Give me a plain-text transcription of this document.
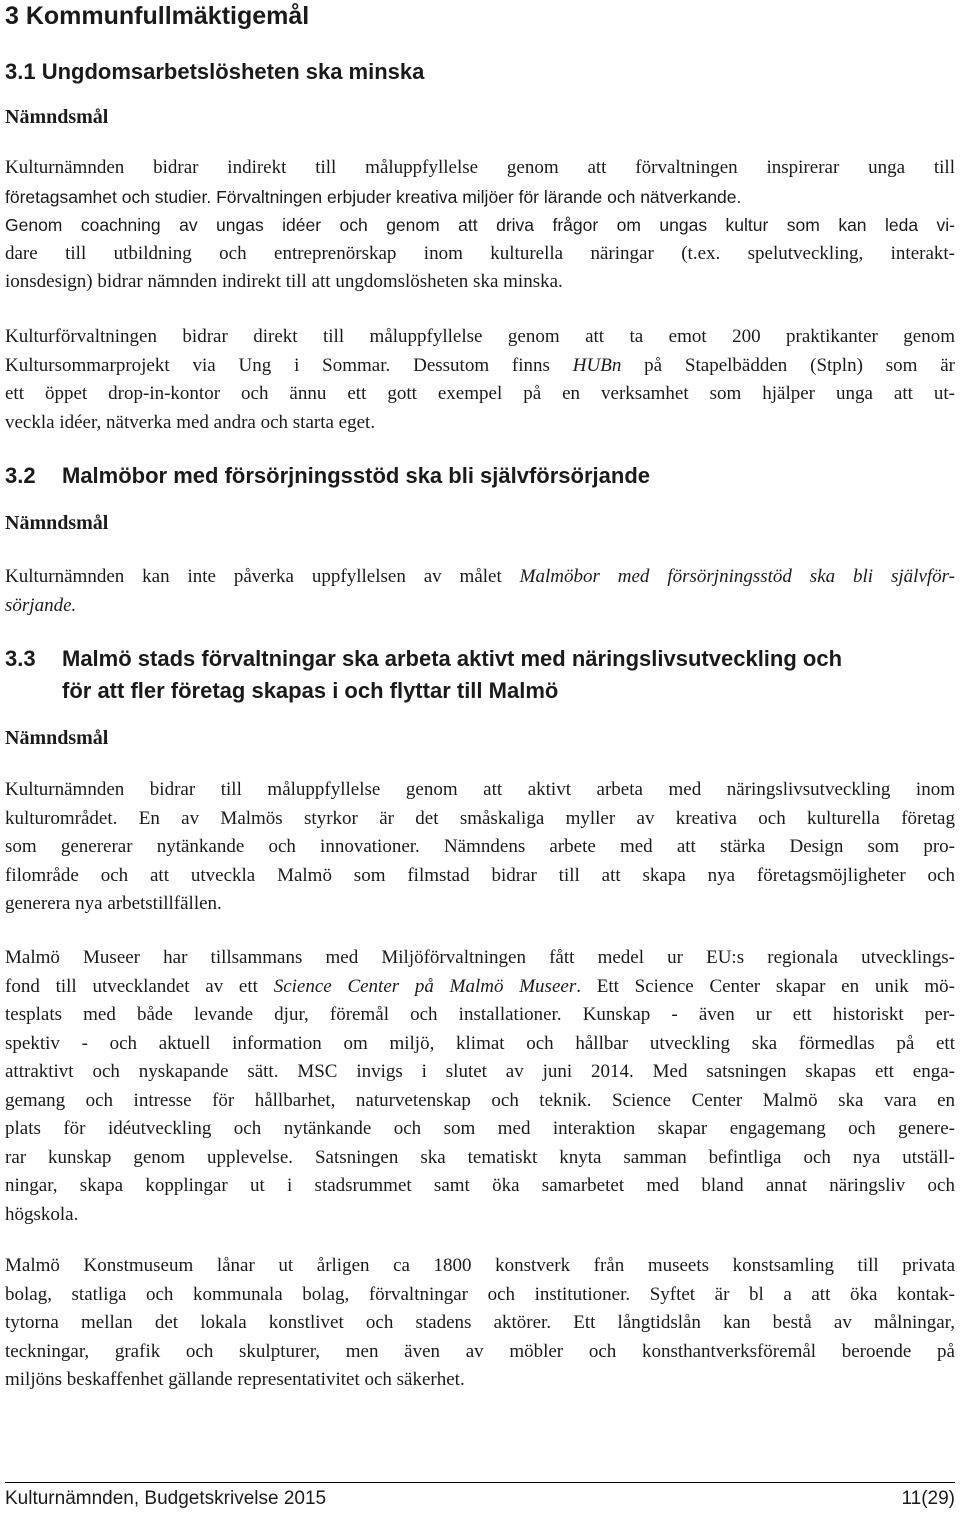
3 Kommunfullmäktigemål
3.1 Ungdomsarbetslösheten ska minska
Nämndsmål
Kulturnämnden bidrar indirekt till måluppfyllelse genom att förvaltningen inspirerar unga till
företagsamhet och studier. Förvaltningen erbjuder kreativa miljöer för lärande och nätverkande.
Genom coachning av ungas idéer och genom att driva frågor om ungas kultur som kan leda vi-
dare till utbildning och entreprenörskap inom kulturella näringar (t.ex. spelutveckling, interakt-
ionsdesign) bidrar nämnden indirekt till att ungdomslösheten ska minska.
Kulturförvaltningen bidrar direkt till måluppfyllelse genom att ta emot 200 praktikanter genom
Kultursommarprojekt via Ung i Sommar. Dessutom finns HUBn på Stapelbädden (Stpln) som är
ett öppet drop-in-kontor och ännu ett gott exempel på en verksamhet som hjälper unga att ut-
veckla idéer, nätverka med andra och starta eget.
3.2 Malmöbor med försörjningsstöd ska bli självförsörjande
Nämndsmål
Kulturnämnden kan inte påverka uppfyllelsen av målet Malmöbor med försörjningsstöd ska bli självför-
sörjande.
3.3 Malmö stads förvaltningar ska arbeta aktivt med näringslivsutveckling och
för att fler företag skapas i och flyttar till Malmö
Nämndsmål
Kulturnämnden bidrar till måluppfyllelse genom att aktivt arbeta med näringslivsutveckling inom
kulturområdet. En av Malmös styrkor är det småskaliga myller av kreativa och kulturella företag
som genererar nytänkande och innovationer. Nämndens arbete med att stärka Design som pro-
filområde och att utveckla Malmö som filmstad bidrar till att skapa nya företagsmöjligheter och
generera nya arbetstillfällen.
Malmö Museer har tillsammans med Miljöförvaltningen fått medel ur EU:s regionala utvecklings-
fond till utvecklandet av ett Science Center på Malmö Museer. Ett Science Center skapar en unik mö-
tesplats med både levande djur, föremål och installationer. Kunskap - även ur ett historiskt per-
spektiv - och aktuell information om miljö, klimat och hållbar utveckling ska förmedlas på ett
attraktivt och nyskapande sätt. MSC invigs i slutet av juni 2014. Med satsningen skapas ett enga-
gemang och intresse för hållbarhet, naturvetenskap och teknik. Science Center Malmö ska vara en
plats för idéutveckling och nytänkande och som med interaktion skapar engagemang och genere-
rar kunskap genom upplevelse. Satsningen ska tematiskt knyta samman befintliga och nya utställ-
ningar, skapa kopplingar ut i stadsrummet samt öka samarbetet med bland annat näringsliv och
högskola.
Malmö Konstmuseum lånar ut årligen ca 1800 konstverk från museets konstsamling till privata
bolag, statliga och kommunala bolag, förvaltningar och institutioner. Syftet är bl a att öka kontak-
tytorna mellan det lokala konstlivet och stadens aktörer. Ett långtidslån kan bestå av målningar,
teckningar, grafik och skulpturer, men även av möbler och konsthantverksföremål beroende på
miljöns beskaffenhet gällande representativitet och säkerhet.
Kulturnämnden, Budgetskrivelse 2015	11(29)
